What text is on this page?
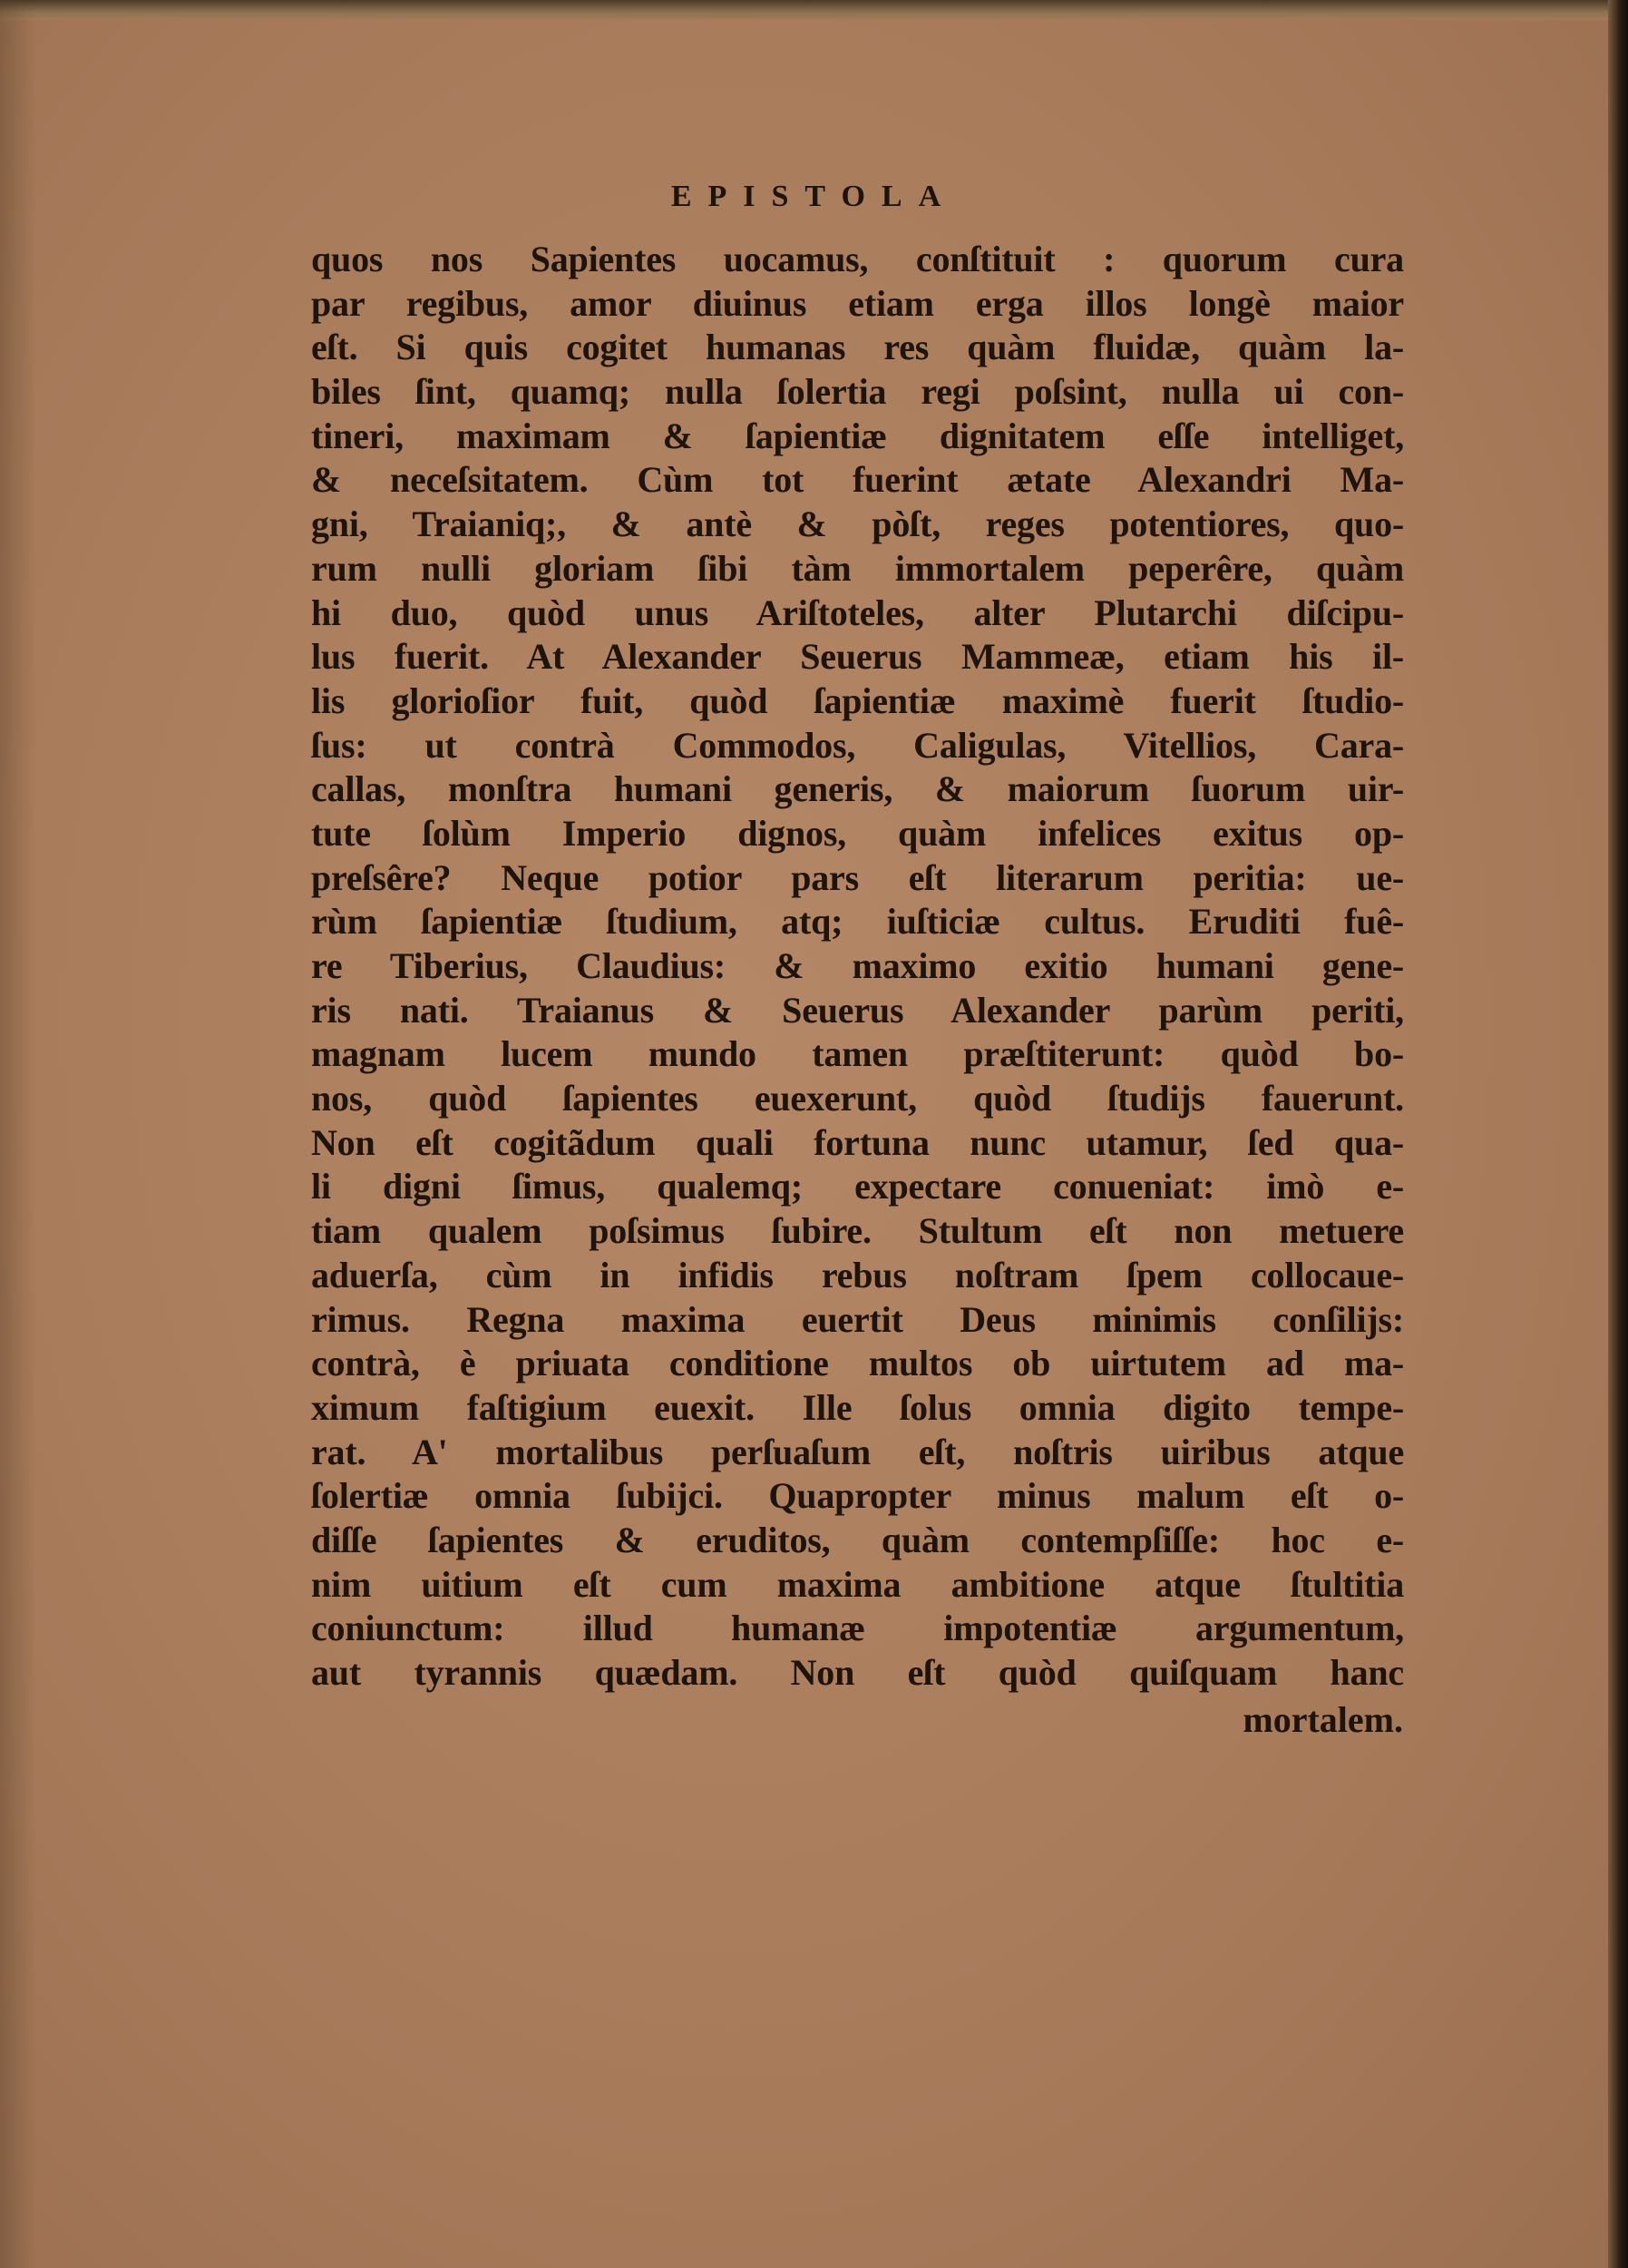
EPISTOLA
quos nos Sapientes uocamus, conſtituit : quorum cura
par regibus, amor diuinus etiam erga illos longè maior
eſt. Si quis cogitet humanas res quàm fluidæ, quàm la-
biles ſint, quamq; nulla ſolertia regi poſsint, nulla ui con-
tineri, maximam & ſapientiæ dignitatem eſſe intelliget,
& neceſsitatem. Cùm tot fuerint ætate Alexandri Ma-
gni, Traianiq;, & antè & pòſt, reges potentiores, quo-
rum nulli gloriam ſibi tàm immortalem peperêre, quàm
hi duo, quòd unus Ariſtoteles, alter Plutarchi diſcipu-
lus fuerit. At Alexander Seuerus Mammeæ, etiam his il-
lis glorioſior fuit, quòd ſapientiæ maximè fuerit ſtudio-
ſus: ut contrà Commodos, Caligulas, Vitellios, Cara-
callas, monſtra humani generis, & maiorum ſuorum uir-
tute ſolùm Imperio dignos, quàm infelices exitus op-
preſsêre? Neque potior pars eſt literarum peritia: ue-
rùm ſapientiæ ſtudium, atq; iuſticiæ cultus. Eruditi fuê-
re Tiberius, Claudius: & maximo exitio humani gene-
ris nati. Traianus & Seuerus Alexander parùm periti,
magnam lucem mundo tamen præſtiterunt: quòd bo-
nos, quòd ſapientes euexerunt, quòd ſtudijs fauerunt.
Non eſt cogitãdum quali fortuna nunc utamur, ſed qua-
li digni ſimus, qualemq; expectare conueniat: imò e-
tiam qualem poſsimus ſubire. Stultum eſt non metuere
aduerſa, cùm in infidis rebus noſtram ſpem collocaue-
rimus. Regna maxima euertit Deus minimis conſilijs:
contrà, è priuata conditione multos ob uirtutem ad ma-
ximum faſtigium euexit. Ille ſolus omnia digito tempe-
rat. A' mortalibus perſuaſum eſt, noſtris uiribus atque
ſolertiæ omnia ſubijci. Quapropter minus malum eſt o-
diſſe ſapientes & eruditos, quàm contempſiſſe: hoc e-
nim uitium eſt cum maxima ambitione atque ſtultitia
coniunctum: illud humanæ impotentiæ argumentum,
aut tyrannis quædam. Non eſt quòd quiſquam hanc
mortalem.
